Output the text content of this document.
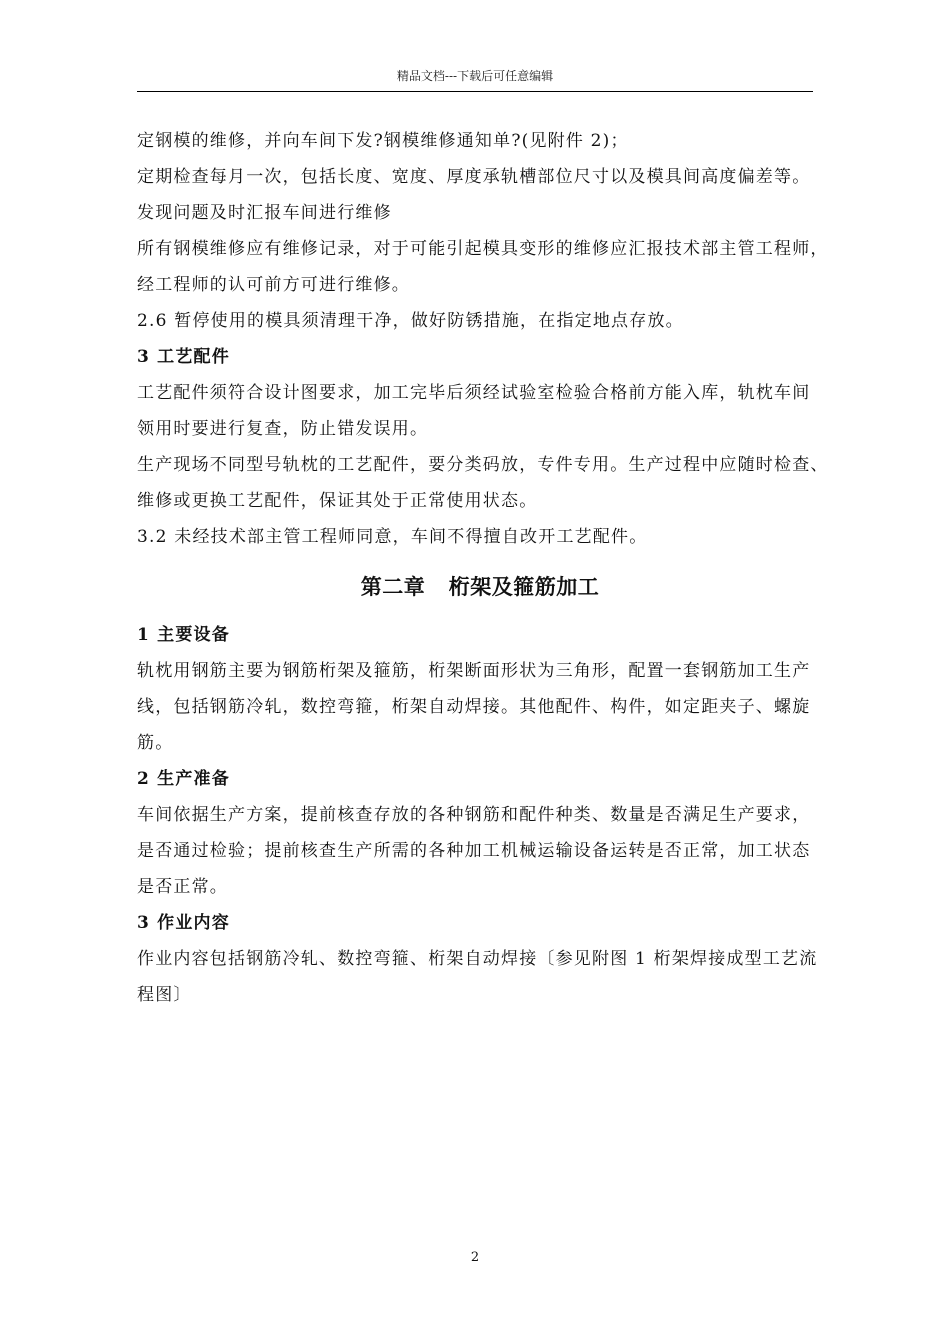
精品文档---下载后可任意编辑
定钢模的维修，并向车间下发?钢模维修通知单?(见附件 2)；
定期检查每月一次，包括长度、宽度、厚度承轨槽部位尺寸以及模具间高度偏差等。
发现问题及时汇报车间进行维修
所有钢模维修应有维修记录，对于可能引起模具变形的维修应汇报技术部主管工程师，
经工程师的认可前方可进行维修。
2.6 暂停使用的模具须清理干净，做好防锈措施，在指定地点存放。
3 工艺配件
工艺配件须符合设计图要求，加工完毕后须经试验室检验合格前方能入库，轨枕车间
领用时要进行复查，防止错发误用。
生产现场不同型号轨枕的工艺配件，要分类码放，专件专用。生产过程中应随时检查、
维修或更换工艺配件，保证其处于正常使用状态。
3.2 未经技术部主管工程师同意，车间不得擅自改开工艺配件。
第二章   桁架及箍筋加工
1 主要设备
轨枕用钢筋主要为钢筋桁架及箍筋，桁架断面形状为三角形，配置一套钢筋加工生产
线，包括钢筋冷轧，数控弯箍，桁架自动焊接。其他配件、构件，如定距夹子、螺旋
筋。
2 生产准备
车间依据生产方案，提前核查存放的各种钢筋和配件种类、数量是否满足生产要求，
是否通过检验；提前核查生产所需的各种加工机械运输设备运转是否正常，加工状态
是否正常。
3 作业内容
作业内容包括钢筋冷轧、数控弯箍、桁架自动焊接〔参见附图 1 桁架焊接成型工艺流
程图〕
2
